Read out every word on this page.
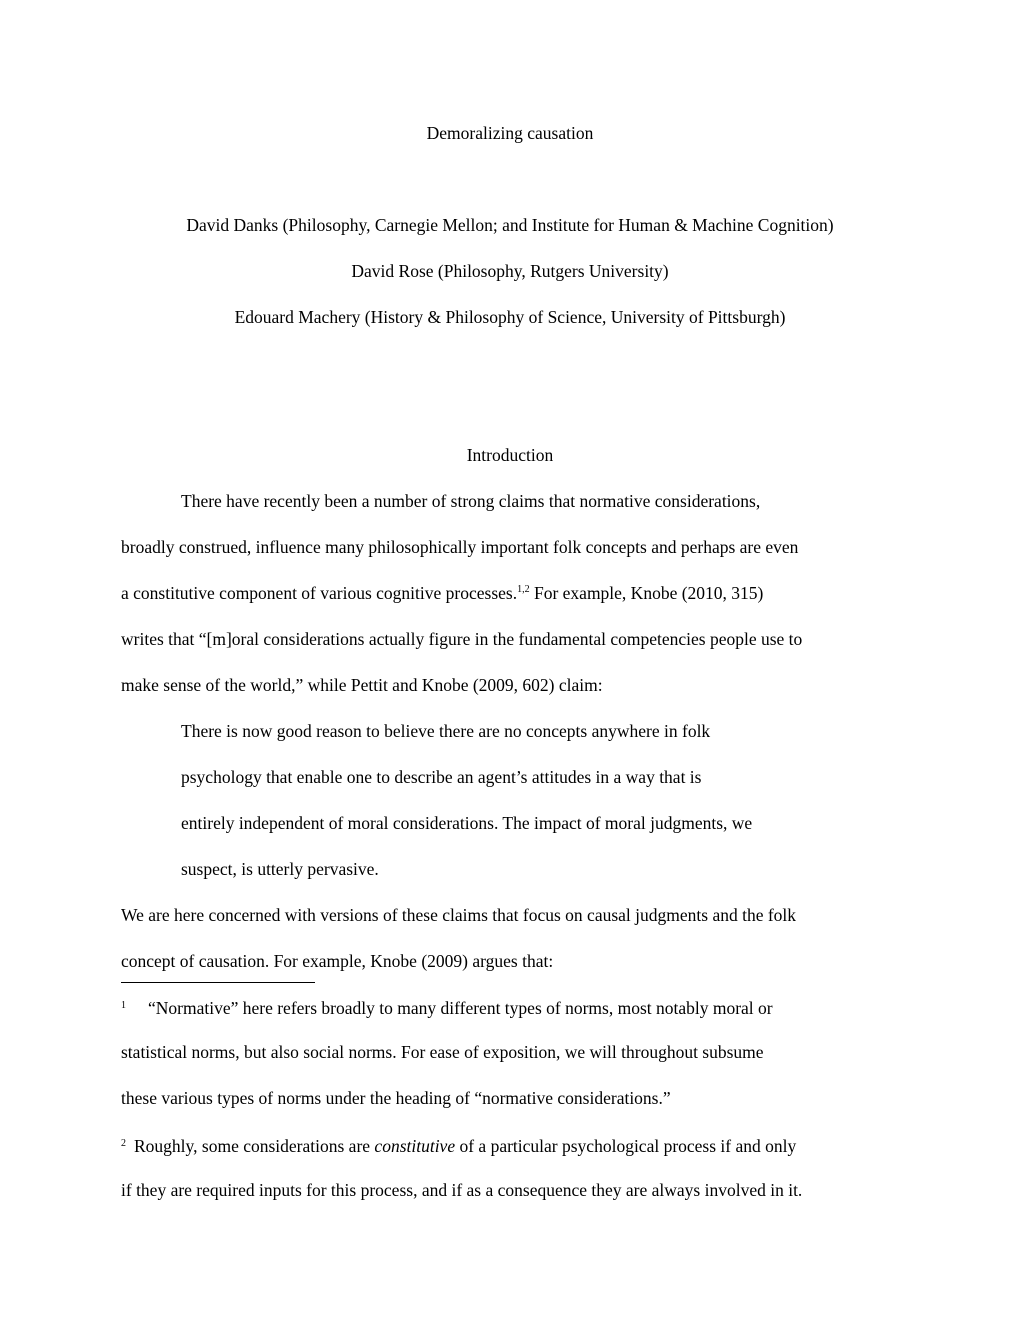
Demoralizing causation
David Danks (Philosophy, Carnegie Mellon; and Institute for Human & Machine Cognition)
David Rose (Philosophy, Rutgers University)
Edouard Machery (History & Philosophy of Science, University of Pittsburgh)
Introduction
There have recently been a number of strong claims that normative considerations,
broadly construed, influence many philosophically important folk concepts and perhaps are even
a constitutive component of various cognitive processes.$^{1,2}$ For example, Knobe (2010, 315)
writes that “[m]oral considerations actually figure in the fundamental competencies people use to
make sense of the world,” while Pettit and Knobe (2009, 602) claim:
There is now good reason to believe there are no concepts anywhere in folk
psychology that enable one to describe an agent’s attitudes in a way that is
entirely independent of moral considerations. The impact of moral judgments, we
suspect, is utterly pervasive.
We are here concerned with versions of these claims that focus on causal judgments and the folk
concept of causation. For example, Knobe (2009) argues that:
1 “Normative” here refers broadly to many different types of norms, most notably moral or
statistical norms, but also social norms. For ease of exposition, we will throughout subsume
these various types of norms under the heading of “normative considerations.”
2 Roughly, some considerations are constitutive of a particular psychological process if and only
if they are required inputs for this process, and if as a consequence they are always involved in it.
